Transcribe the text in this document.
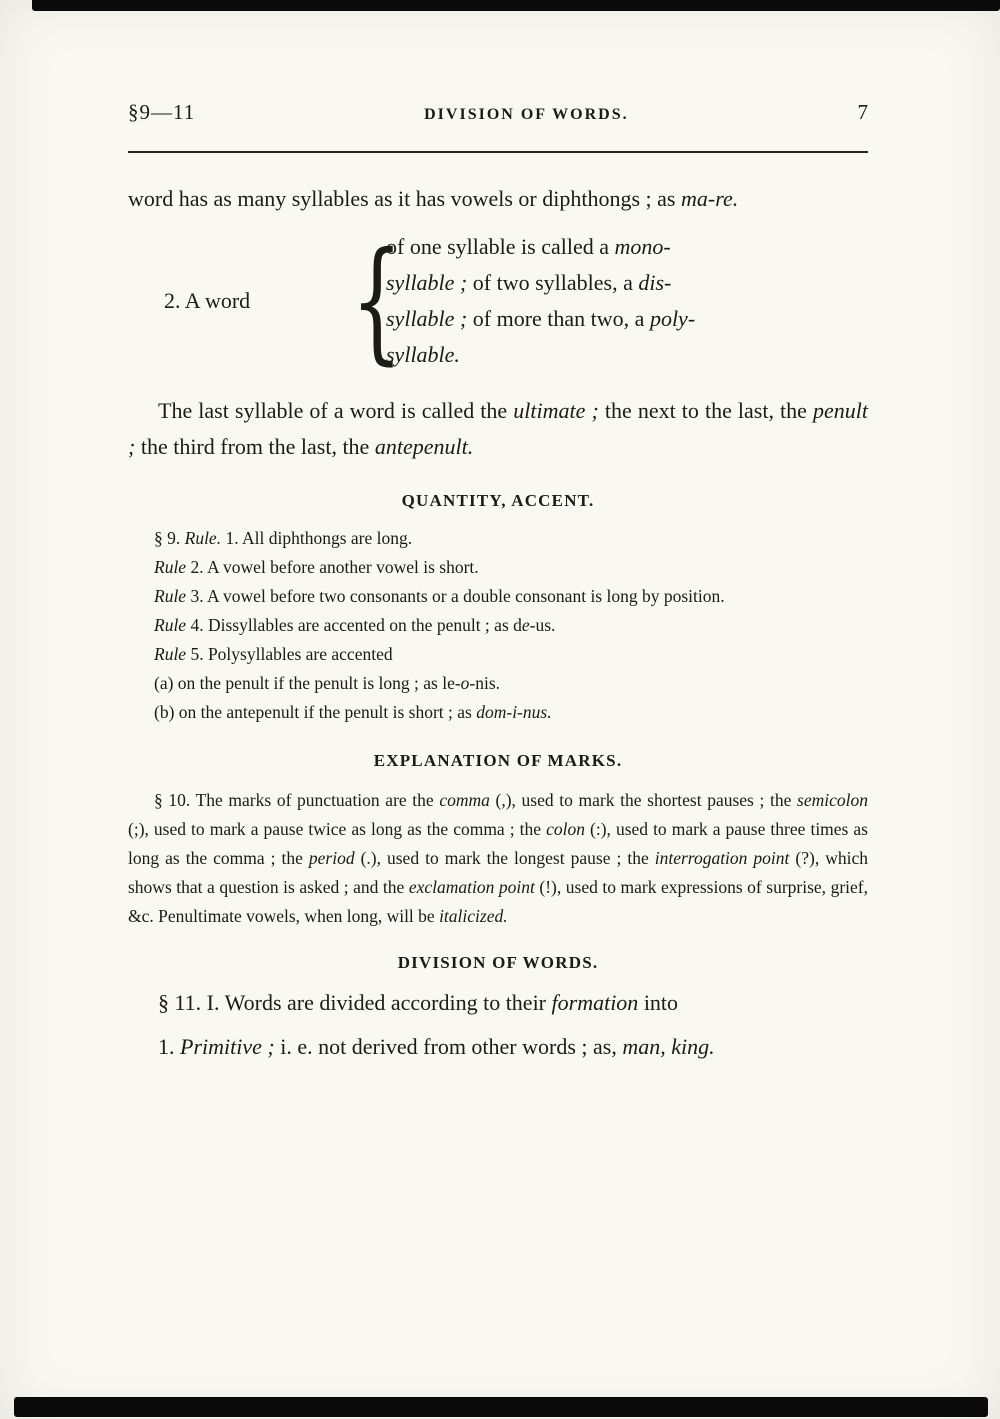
§9—11	DIVISION OF WORDS.	7

word has as many syllables as it has vowels or diphthongs ; as ma-re.

2. A word {
of one syllable is called a mono-
syllable ; of two syllables, a dis-
syllable ; of more than two, a poly-
syllable.

The last syllable of a word is called the ultimate ; the next to the last, the penult ; the third from the last, the antepenult.

QUANTITY, ACCENT.

§ 9. Rule. 1. All diphthongs are long.

Rule 2. A vowel before another vowel is short.

Rule 3. A vowel before two consonants or a double consonant is long by position.

Rule 4. Dissyllables are accented on the penult ; as de-us.

Rule 5. Polysyllables are accented

(a) on the penult if the penult is long ; as le-o-nis.

(b) on the antepenult if the penult is short ; as dom-i-nus.

EXPLANATION OF MARKS.

§ 10. The marks of punctuation are the comma (,), used to mark the shortest pauses ; the semicolon (;), used to mark a pause twice as long as the comma ; the colon (:), used to mark a pause three times as long as the comma ; the period (.), used to mark the longest pause ; the interrogation point (?), which shows that a question is asked ; and the exclamation point (!), used to mark expressions of surprise, grief, &c. Penultimate vowels, when long, will be italicized.

DIVISION OF WORDS.

§ 11. I. Words are divided according to their formation into

1. Primitive ; i. e. not derived from other words ; as, man, king.
